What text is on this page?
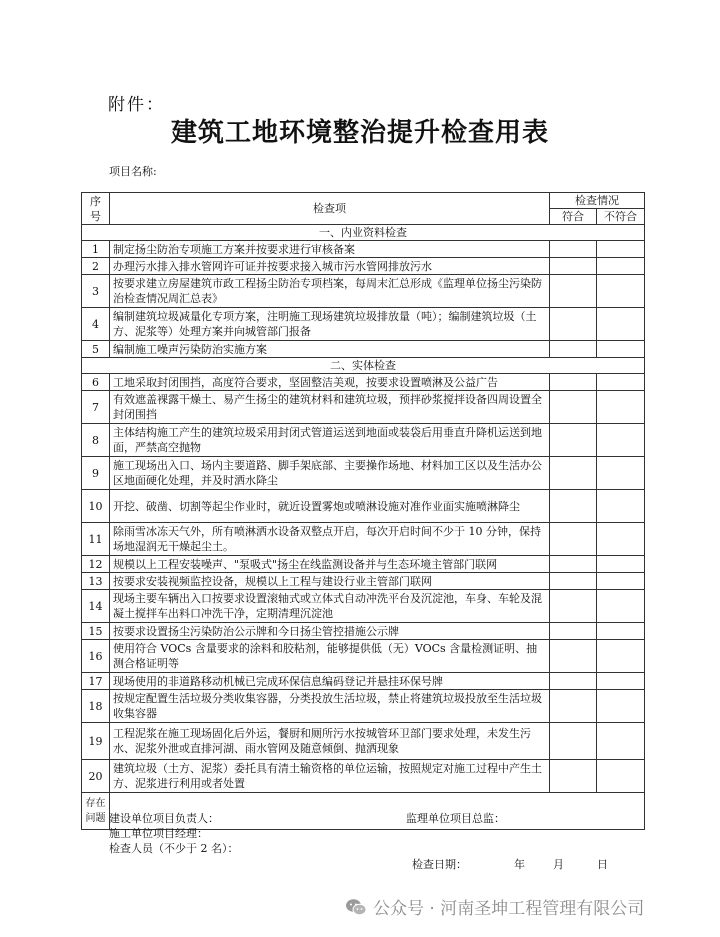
附件：
建筑工地环境整治提升检查用表
项目名称:
序号	检查项	检查情况	
		符合	不符合
一、内业资料检查			
1	制定扬尘防治专项施工方案并按要求进行审核备案		
2	办理污水排入排水管网许可证并按要求接入城市污水管网排放污水		
3	按要求建立房屋建筑市政工程扬尘防治专项档案，每周末汇总形成《监理单位扬尘污染防治检查情况周汇总表》		
4	编制建筑垃圾减量化专项方案，注明施工现场建筑垃圾排放量（吨）；编制建筑垃圾（土方、泥浆等）处理方案并向城管部门报备		
5	编制施工噪声污染防治实施方案		
二、实体检查			
6	工地采取封闭围挡，高度符合要求，坚固整洁美观，按要求设置喷淋及公益广告		
7	有效遮盖裸露干燥土、易产生扬尘的建筑材料和建筑垃圾，预拌砂浆搅拌设备四周设置全封闭围挡		
8	主体结构施工产生的建筑垃圾采用封闭式管道运送到地面或装袋后用垂直升降机运送到地面，严禁高空抛物		
9	施工现场出入口、场内主要道路、脚手架底部、主要操作场地、材料加工区以及生活办公区地面硬化处理，并及时洒水降尘		
10	开挖、破凿、切割等起尘作业时，就近设置雾炮或喷淋设施对准作业面实施喷淋降尘		
11	除雨雪冰冻天气外，所有喷淋洒水设备双整点开启，每次开启时间不少于 10 分钟，保持场地湿润无干燥起尘土。		
12	规模以上工程安装噪声、"泵吸式"扬尘在线监测设备并与生态环境主管部门联网		
13	按要求安装视频监控设备，规模以上工程与建设行业主管部门联网		
14	现场主要车辆出入口按要求设置滚轴式或立体式自动冲洗平台及沉淀池，车身、车轮及混凝土搅拌车出料口冲洗干净，定期清理沉淀池		
15	按要求设置扬尘污染防治公示牌和今日扬尘管控措施公示牌		
16	使用符合 VOCs 含量要求的涂料和胶粘剂，能够提供低（无）VOCs 含量检测证明、抽测合格证明等		
17	现场使用的非道路移动机械已完成环保信息编码登记并悬挂环保号牌		
18	按规定配置生活垃圾分类收集容器，分类投放生活垃圾，禁止将建筑垃圾投放至生活垃圾收集容器		
19	工程泥浆在施工现场固化后外运，餐厨和厕所污水按城管环卫部门要求处理，未发生污水、泥浆外泄或直排河湖、雨水管网及随意倾倒、抛洒现象		
20	建筑垃圾（土方、泥浆）委托具有清土输资格的单位运输，按照规定对施工过程中产生土方、泥浆进行利用或者处置		
存在问题			建设单位项目负责人：	监理单位项目总监：
施工单位项目经理：
检查人员（不少于 2 名）：
检查日期：	年	月	日
公众号 · 河南圣坤工程管理有限公司
